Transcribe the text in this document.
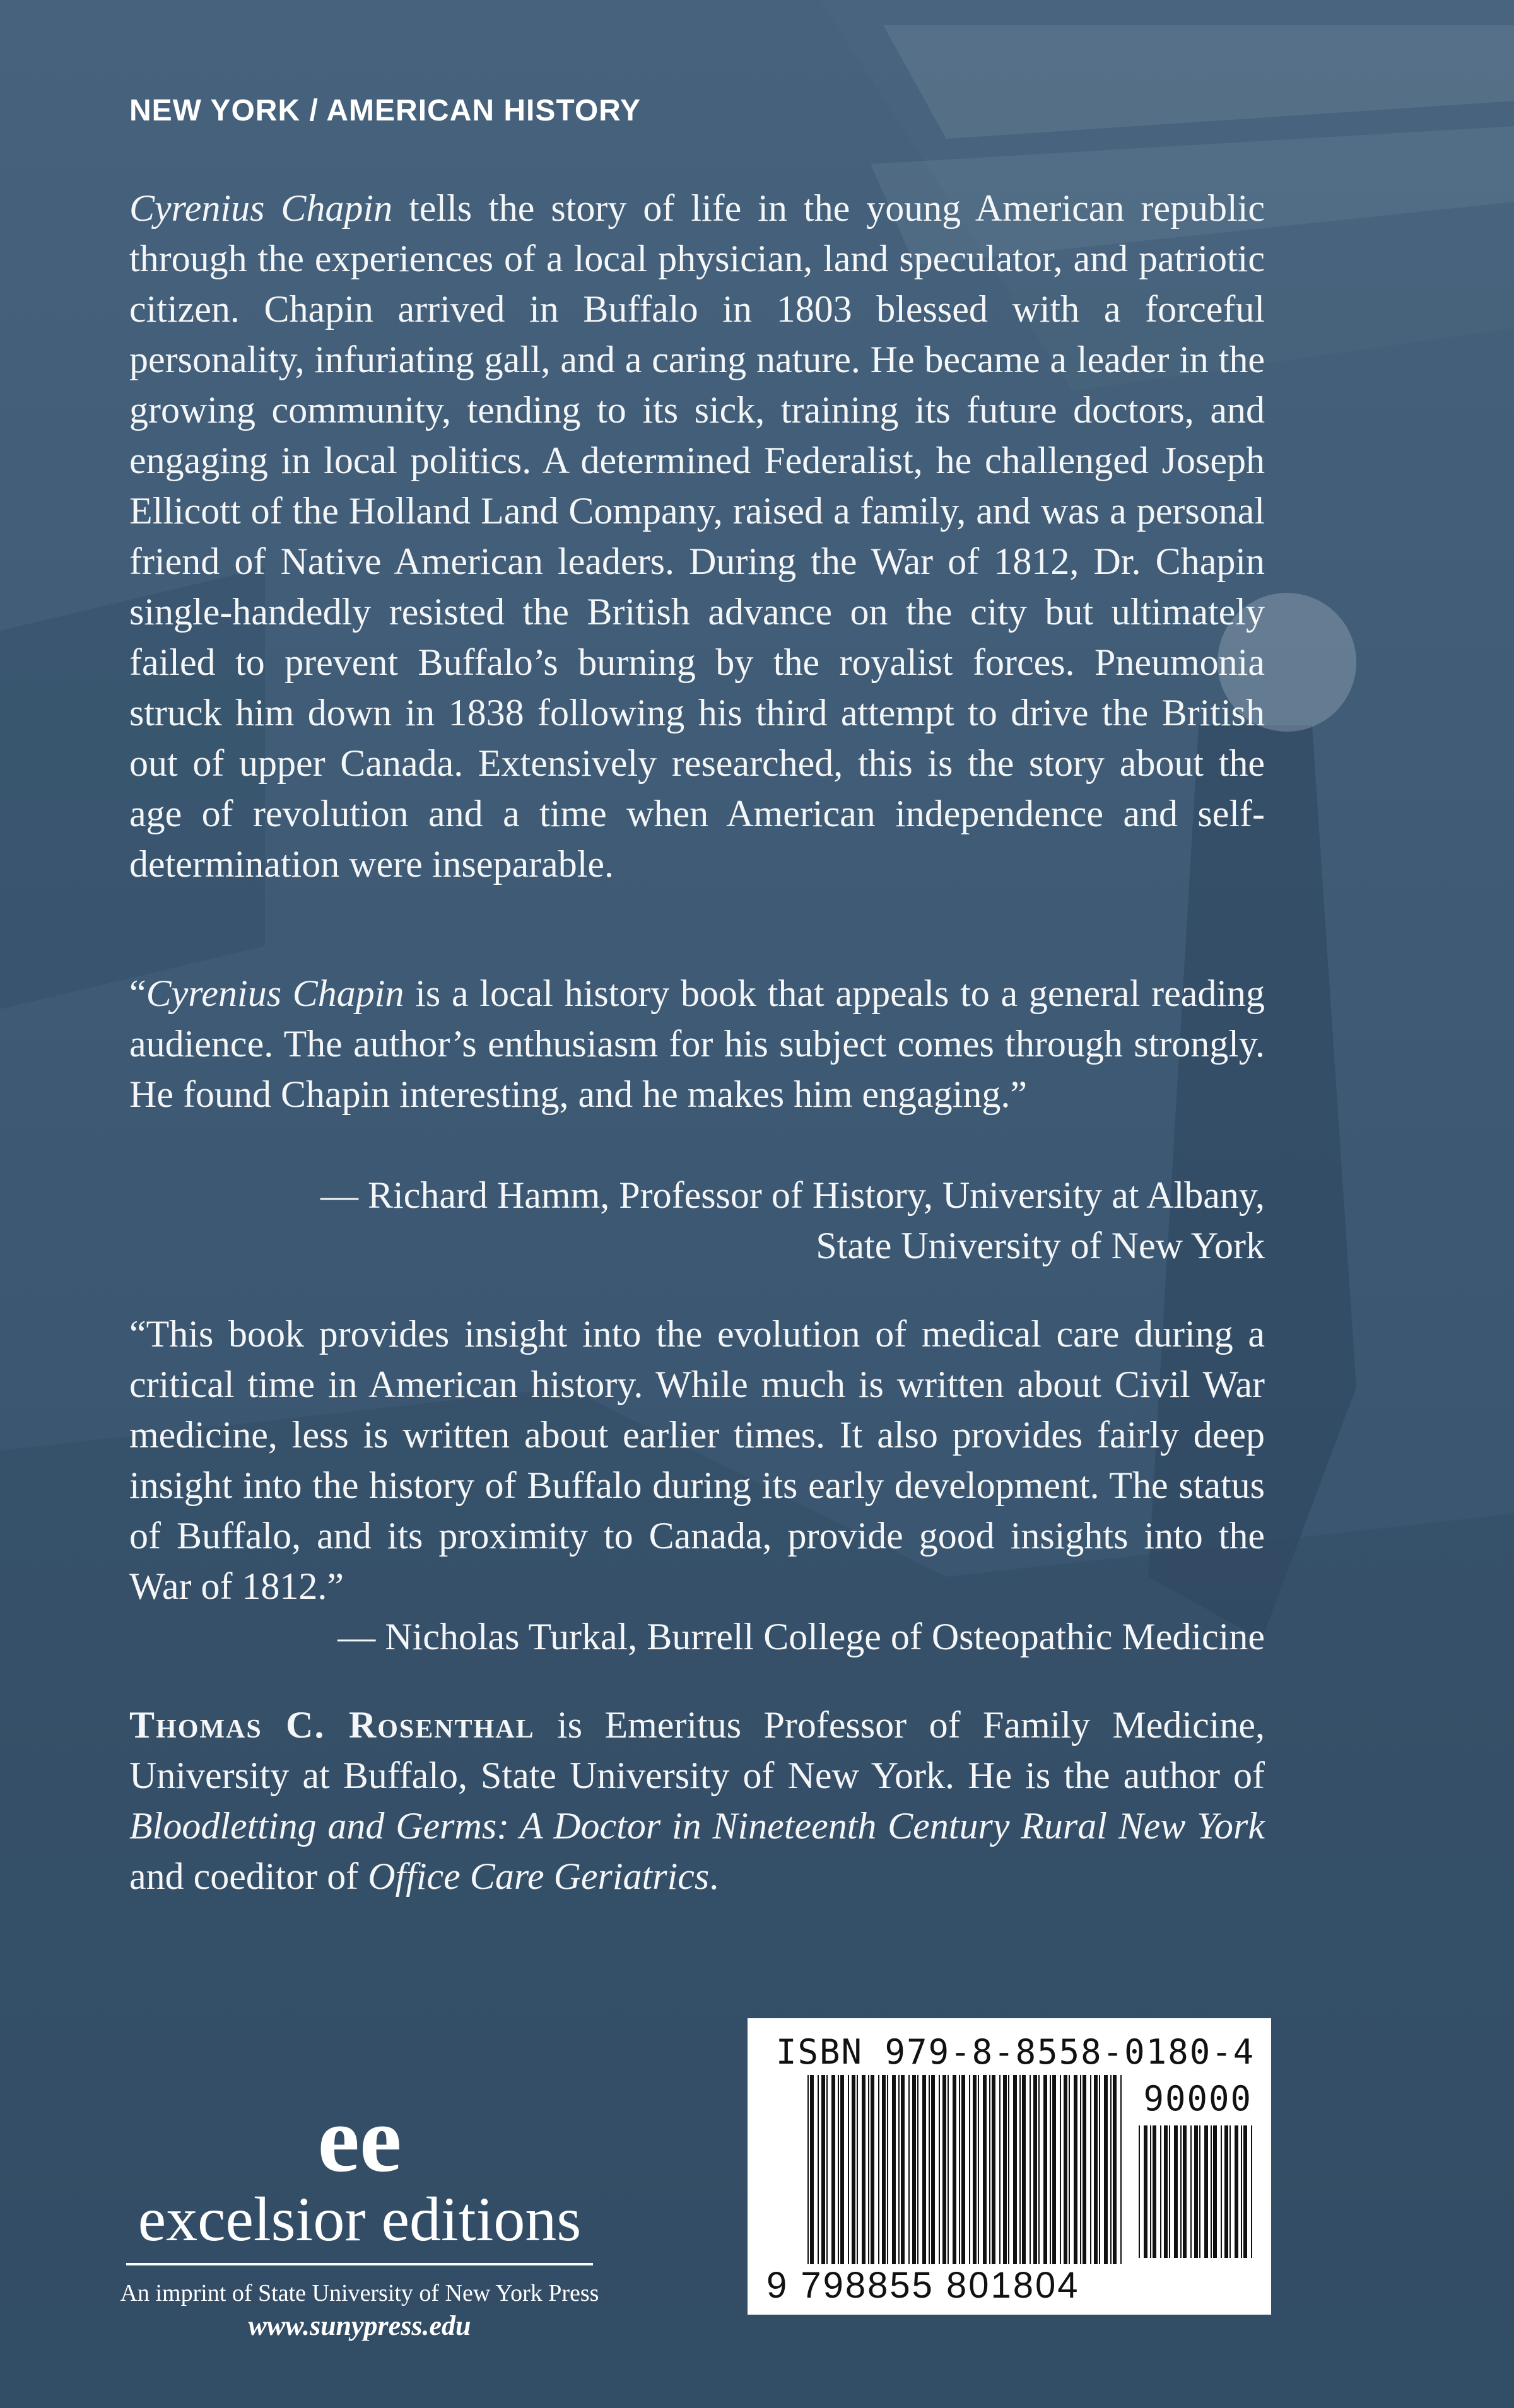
NEW YORK / AMERICAN HISTORY
Cyrenius Chapin tells the story of life in the young American republic through the experiences of a local physician, land speculator, and patriotic citizen. Chapin arrived in Buffalo in 1803 blessed with a forceful personality, infuriating gall, and a caring nature. He became a leader in the growing community, tending to its sick, training its future doctors, and engaging in local politics. A determined Federalist, he challenged Joseph Ellicott of the Holland Land Company, raised a family, and was a personal friend of Native American leaders. During the War of 1812, Dr. Chapin single-handedly resisted the British advance on the city but ultimately failed to prevent Buffalo’s burning by the royalist forces. Pneumonia struck him down in 1838 following his third attempt to drive the British out of upper Canada. Extensively researched, this is the story about the age of revolution and a time when American independence and self-determination were inseparable.
“Cyrenius Chapin is a local history book that appeals to a general reading audience. The author’s enthusiasm for his subject comes through strongly. He found Chapin interesting, and he makes him engaging.”
— Richard Hamm, Professor of History, University at Albany,
State University of New York
“This book provides insight into the evolution of medical care during a critical time in American history. While much is written about Civil War medicine, less is written about earlier times. It also provides fairly deep insight into the history of Buffalo during its early development. The status of Buffalo, and its proximity to Canada, provide good insights into the War of 1812.”
— Nicholas Turkal, Burrell College of Osteopathic Medicine
Thomas C. Rosenthal is Emeritus Professor of Family Medicine, University at Buffalo, State University of New York. He is the author of Bloodletting and Germs: A Doctor in Nineteenth Century Rural New York and coeditor of Office Care Geriatrics.
ee
excelsior editions
An imprint of State University of New York Press
www.sunypress.edu
ISBN 979-8-8558-0180-4
90000
9 798855 801804
